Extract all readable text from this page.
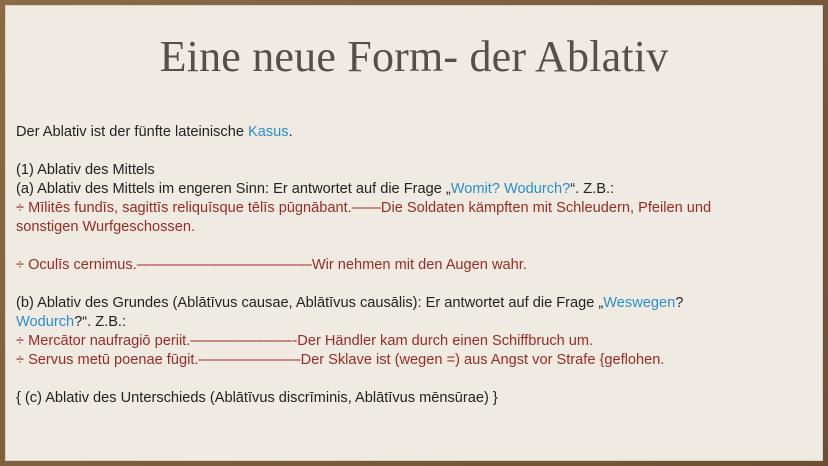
Eine neue Form- der Ablativ
Der Ablativ ist der fünfte lateinische Kasus.
(1) Ablativ des Mittels
(a) Ablativ des Mittels im engeren Sinn: Er antwortet auf die Frage „Womit? Wodurch?“. Z.B.:
÷ Mīlitēs fundīs, sagittīs reliquīsque tēlīs pūgnābant.——Die Soldaten kämpften mit Schleudern, Pfeilen und
sonstigen Wurfgeschossen.
÷ Oculīs cernimus.————————————Wir nehmen mit den Augen wahr.
(b) Ablativ des Grundes (Ablātīvus causae, Ablātīvus causālis): Er antwortet auf die Frage „Weswegen?
Wodurch?“. Z.B.:
÷ Mercātor naufragiō periit.———————-Der Händler kam durch einen Schiffbruch um.
÷ Servus metū poenae fūgit.———————Der Sklave ist (wegen =) aus Angst vor Strafe {geflohen.
{ (c) Ablativ des Unterschieds (Ablātīvus discrīminis, Ablātīvus mēnsūrae) }
